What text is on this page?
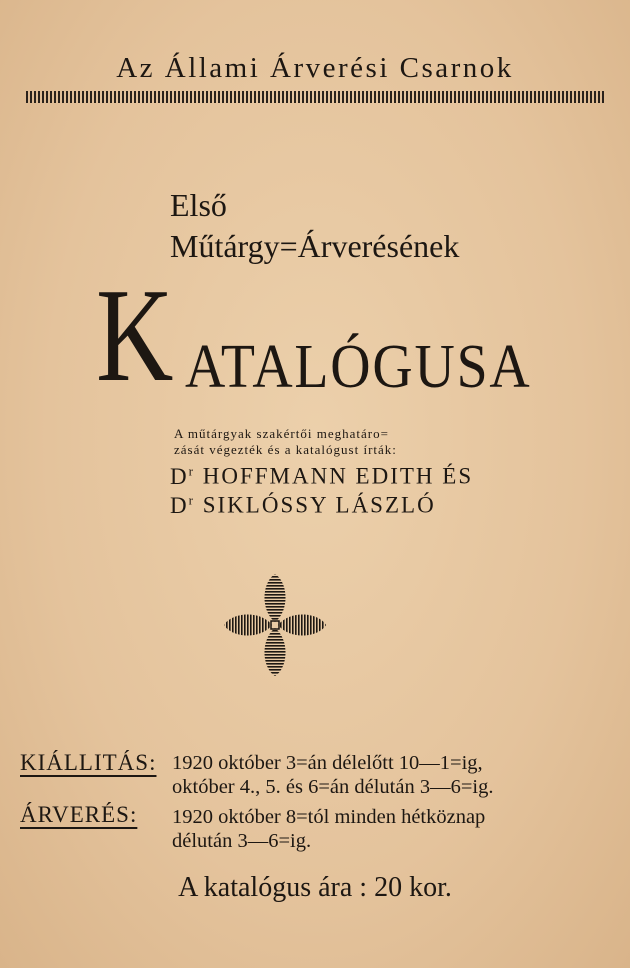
Az Állami Árverési Csarnok
Első
Műtárgy=Árverésének
K ATALÓGUSA
A műtárgyak szakértői meghatáro=
zását végezték és a katalógust írták:
$D^r$ HOFFMANN EDITH ÉS
$D^r$ SIKLÓSSY LÁSZLÓ
KIÁLLITÁS: 1920 október 3=án délelőtt 10—1=ig,
október 4., 5. és 6=án délután 3—6=ig.
ÁRVERÉS: 1920 október 8=tól minden hétköznap
délután 3—6=ig.
A katalógus ára : 20 kor.
